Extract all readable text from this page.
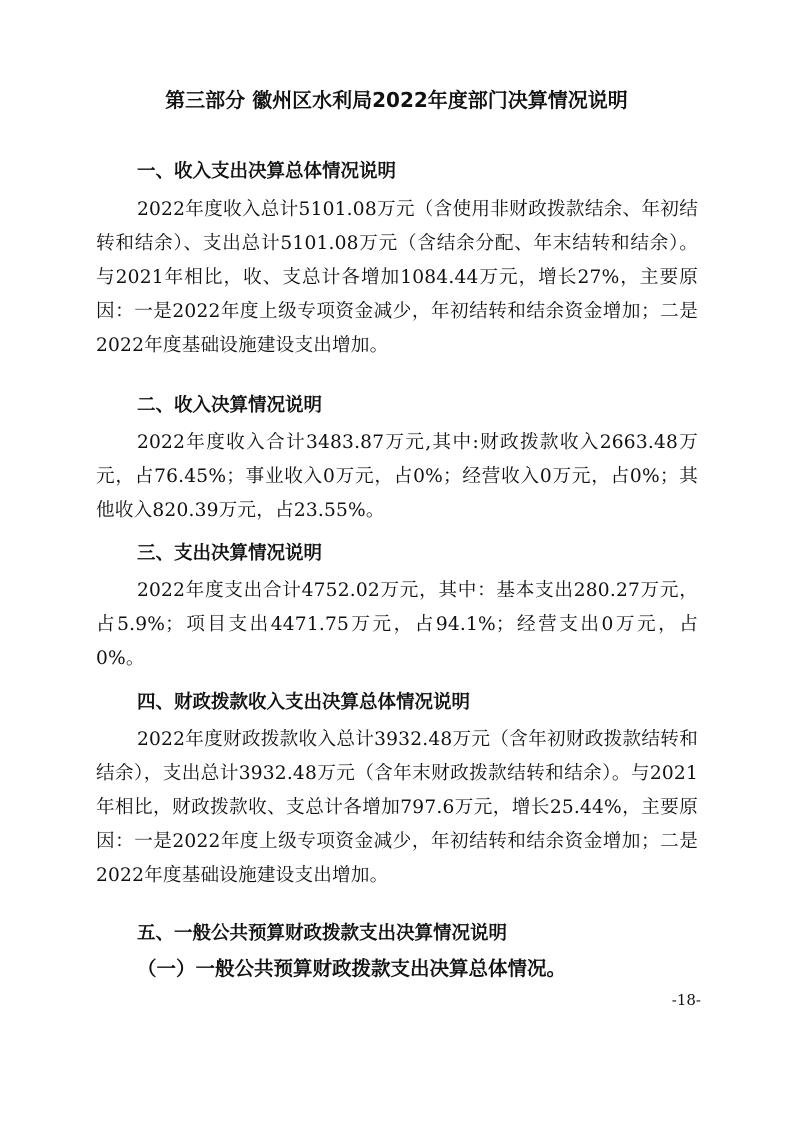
第三部分 徽州区水利局2022年度部门决算情况说明
一、收入支出决算总体情况说明

2022年度收入总计5101.08万元（含使用非财政拨款结余、年初结转和结余）、支出总计5101.08万元（含结余分配、年末结转和结余）。与2021年相比，收、支总计各增加1084.44万元，增长27%，主要原因：一是2022年度上级专项资金减少，年初结转和结余资金增加；二是2022年度基础设施建设支出增加。

二、收入决算情况说明

2022年度收入合计3483.87万元,其中:财政拨款收入2663.48万元，占76.45%；事业收入0万元，占0%；经营收入0万元，占0%；其他收入820.39万元，占23.55%。

三、支出决算情况说明

2022年度支出合计4752.02万元，其中：基本支出280.27万元，占5.9%；项目支出4471.75万元，占94.1%；经营支出0万元，占0%。

四、财政拨款收入支出决算总体情况说明

2022年度财政拨款收入总计3932.48万元（含年初财政拨款结转和结余），支出总计3932.48万元（含年末财政拨款结转和结余）。与2021年相比，财政拨款收、支总计各增加797.6万元，增长25.44%，主要原因：一是2022年度上级专项资金减少，年初结转和结余资金增加；二是2022年度基础设施建设支出增加。

五、一般公共预算财政拨款支出决算情况说明
（一）一般公共预算财政拨款支出决算总体情况。
-18-
